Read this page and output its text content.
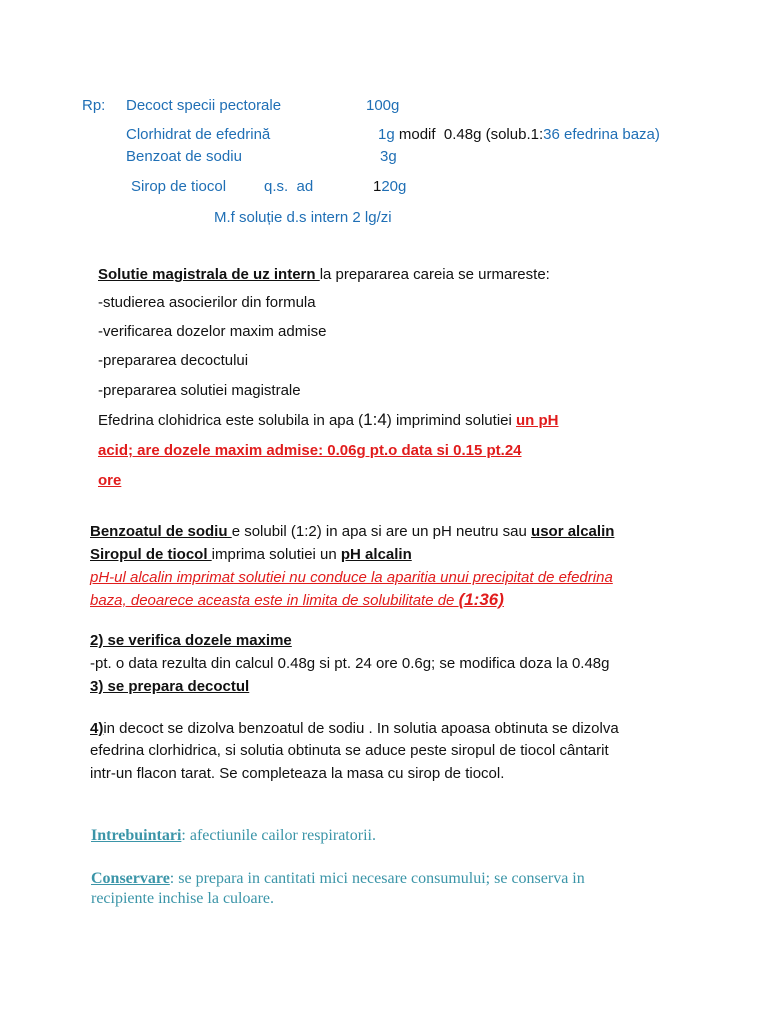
Rp: Decoct specii pectorale	100g
Clorhidrat de efedrină	1g modif 0.48g (solub.1:36 efedrina baza)
Benzoat de sodiu	3g
Sirop de tiocol	q.s.  ad	120g
M.f soluție d.s intern 2 lg/zi
Solutie magistrala de uz intern la prepararea careia se urmareste:
-studierea asocierilor din formula
-verificarea dozelor maxim admise
-prepararea decoctului
-prepararea solutiei magistrale
Efedrina clohidrica este solubila in apa (1:4) imprimind solutiei un pH
acid; are dozele maxim admise: 0.06g pt.o data si 0.15 pt.24
ore
Benzoatul de sodiu e solubil (1:2) in apa si are un pH neutru sau usor alcalin
Siropul de tiocol imprima solutiei un pH alcalin
pH-ul alcalin imprimat solutiei nu conduce la aparitia unui precipitat de efedrina
baza, deoarece aceasta este in limita de solubilitate de (1:36)
2) se verifica dozele maxime
-pt. o data rezulta din calcul 0.48g si pt. 24 ore 0.6g; se modifica doza la 0.48g
3) se prepara decoctul
4)in decoct se dizolva benzoatul de sodiu . In solutia apoasa obtinuta se dizolva
efedrina clorhidrica, si solutia obtinuta se aduce peste siropul de tiocol cântarit
intr-un flacon tarat. Se completeaza la masa cu sirop de tiocol.
Intrebuintari: afectiunile cailor respiratorii.
Conservare: se prepara in cantitati mici necesare consumului; se conserva in
recipiente inchise la culoare.
